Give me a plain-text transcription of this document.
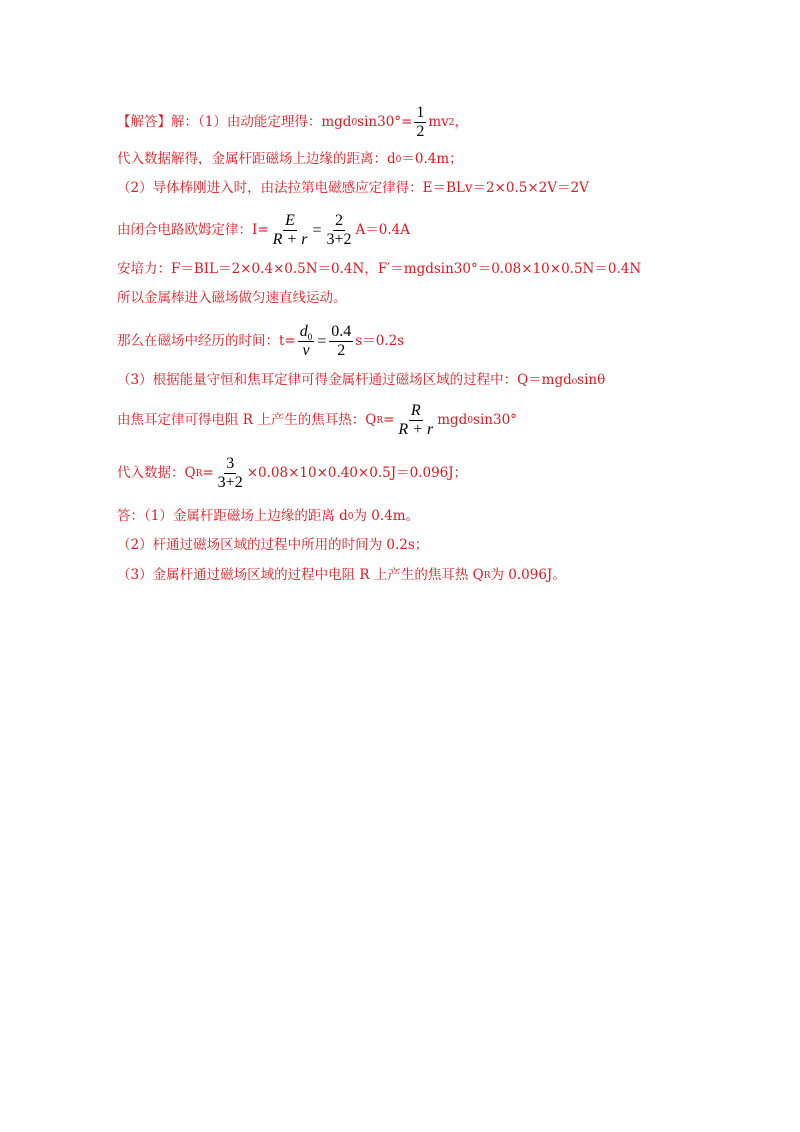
【解答】 解：（1）由动能定理得：mgd 0 $\sin 30^\circ= \frac{1}{2}$ mv 2 ，
代入数据解得，金属杆距磁场上边缘的距离：d 0 ＝0.4m；
（2）导体棒刚进入时，由法拉第电磁感应定律得：E＝BLv＝2×0.5×2V＝2V
由闭合电路欧姆定律：$I= \frac{E}{R + r} = \frac{2}{3+2} A=0.4A$
安培力：F＝BIL＝2×0.4×0.5N＝0.4N，F′＝mgdsin30°＝0.08×10×0.5N＝0.4N
所以金属棒进入磁场做匀速直线运动。
那么在磁场中经历的时间：$t= \frac{d_0}{v} = \frac{0.4}{2} s=0.2s$
（3）根据能量守恒和焦耳定律可得金属杆通过磁场区域的过程中：Q＝mgd₀sinθ
由焦耳定律可得电阻 R 上产生的焦耳热：Q $R = \frac{R}{R + r}$ mgd 0 sin30°
代入数据：Q $R = \frac{3}{3+2} \times 0.08\times 10\times 0.40\times 0.5J=0.096J$；
答：（1）金属杆距磁场上边缘的距离 d 0 为 0.4m。
（2）杆通过磁场区域的过程中所用的时间为 0.2s；
（3）金属杆通过磁场区域的过程中电阻 R 上产生的焦耳热 Q R 为 0.096J。
